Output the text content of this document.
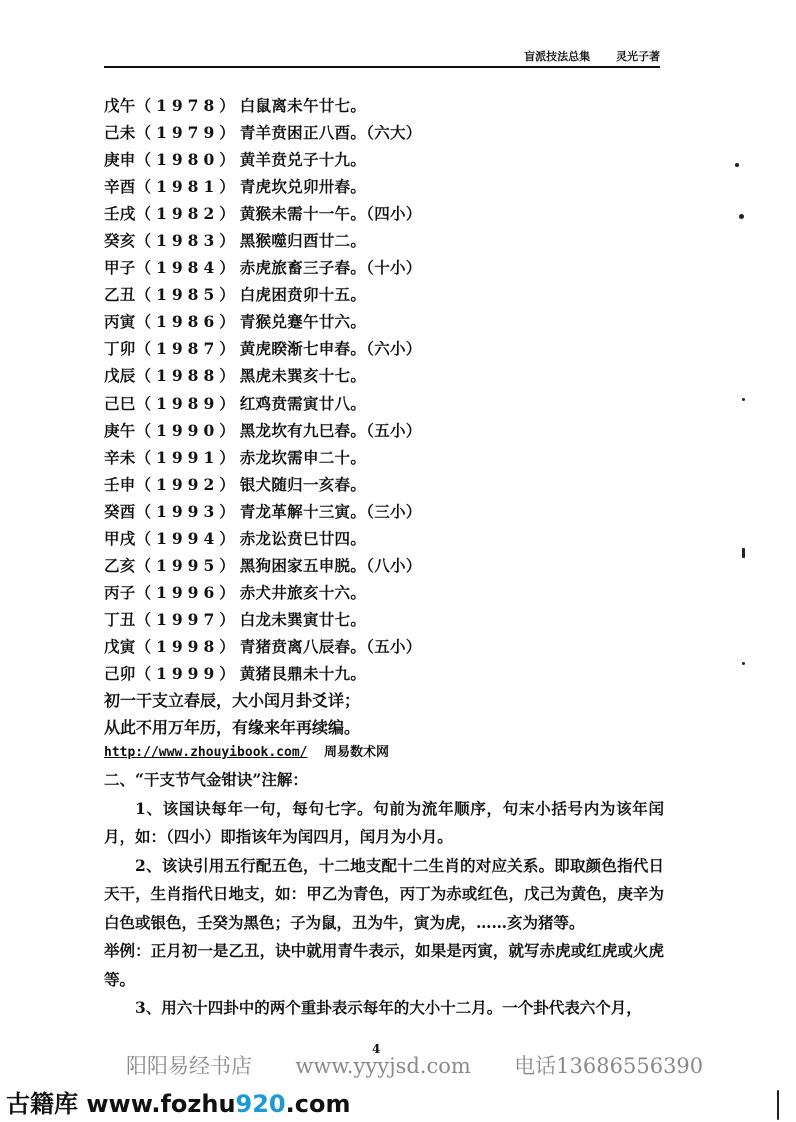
盲派技法总集 灵光子著
戊午（1978）白鼠离未午廿七。
己未（1979）青羊贲困正八酉。（六大）
庚申（1980）黄羊贲兑子十九。
辛酉（1981）青虎坎兑卯卅春。
壬戌（1982）黄猴未需十一午。（四小）
癸亥（1983）黑猴噬归酉廿二。
甲子（1984）赤虎旅畜三子春。（十小）
乙丑（1985）白虎困贲卯十五。
丙寅（1986）青猴兑蹇午廿六。
丁卯（1987）黄虎睽渐七申春。（六小）
戊辰（1988）黑虎未巽亥十七。
己巳（1989）红鸡贲需寅廿八。
庚午（1990）黑龙坎有九巳春。（五小）
辛未（1991）赤龙坎需申二十。
壬申（1992）银犬随归一亥春。
癸酉（1993）青龙革解十三寅。（三小）
甲戌（1994）赤龙讼贲巳廿四。
乙亥（1995）黑狗困家五申脱。（八小）
丙子（1996）赤犬井旅亥十六。
丁丑（1997）白龙未巽寅廿七。
戊寅（1998）青猪贲离八辰春。（五小）
己卯（1999）黄猪艮鼎未十九。
初一干支立春辰，大小闰月卦爻详；
从此不用万年历，有缘来年再续编。
http://www.zhouyibook.com/ 周易数术网

二、“干支节气金钳诀”注解：

1、该国诀每年一句，每句七字。句前为流年顺序，句末小括号内为该年闰月，如：（四小）即指该年为闰四月，闰月为小月。

2、该诀引用五行配五色，十二地支配十二生肖的对应关系。即取颜色指代日天干，生肖指代日地支，如：甲乙为青色，丙丁为赤或红色，戊己为黄色，庚辛为白色或银色，壬癸为黑色；子为鼠，丑为牛，寅为虎，……亥为猪等。

举例：正月初一是乙丑，诀中就用青牛表示，如果是丙寅，就写赤虎或红虎或火虎等。

3、用六十四卦中的两个重卦表示每年的大小十二月。一个卦代表六个月，

4
阳阳易经书店 www.yyyjsd.com 电话13686556390
古籍库 www.fozhu920.com
